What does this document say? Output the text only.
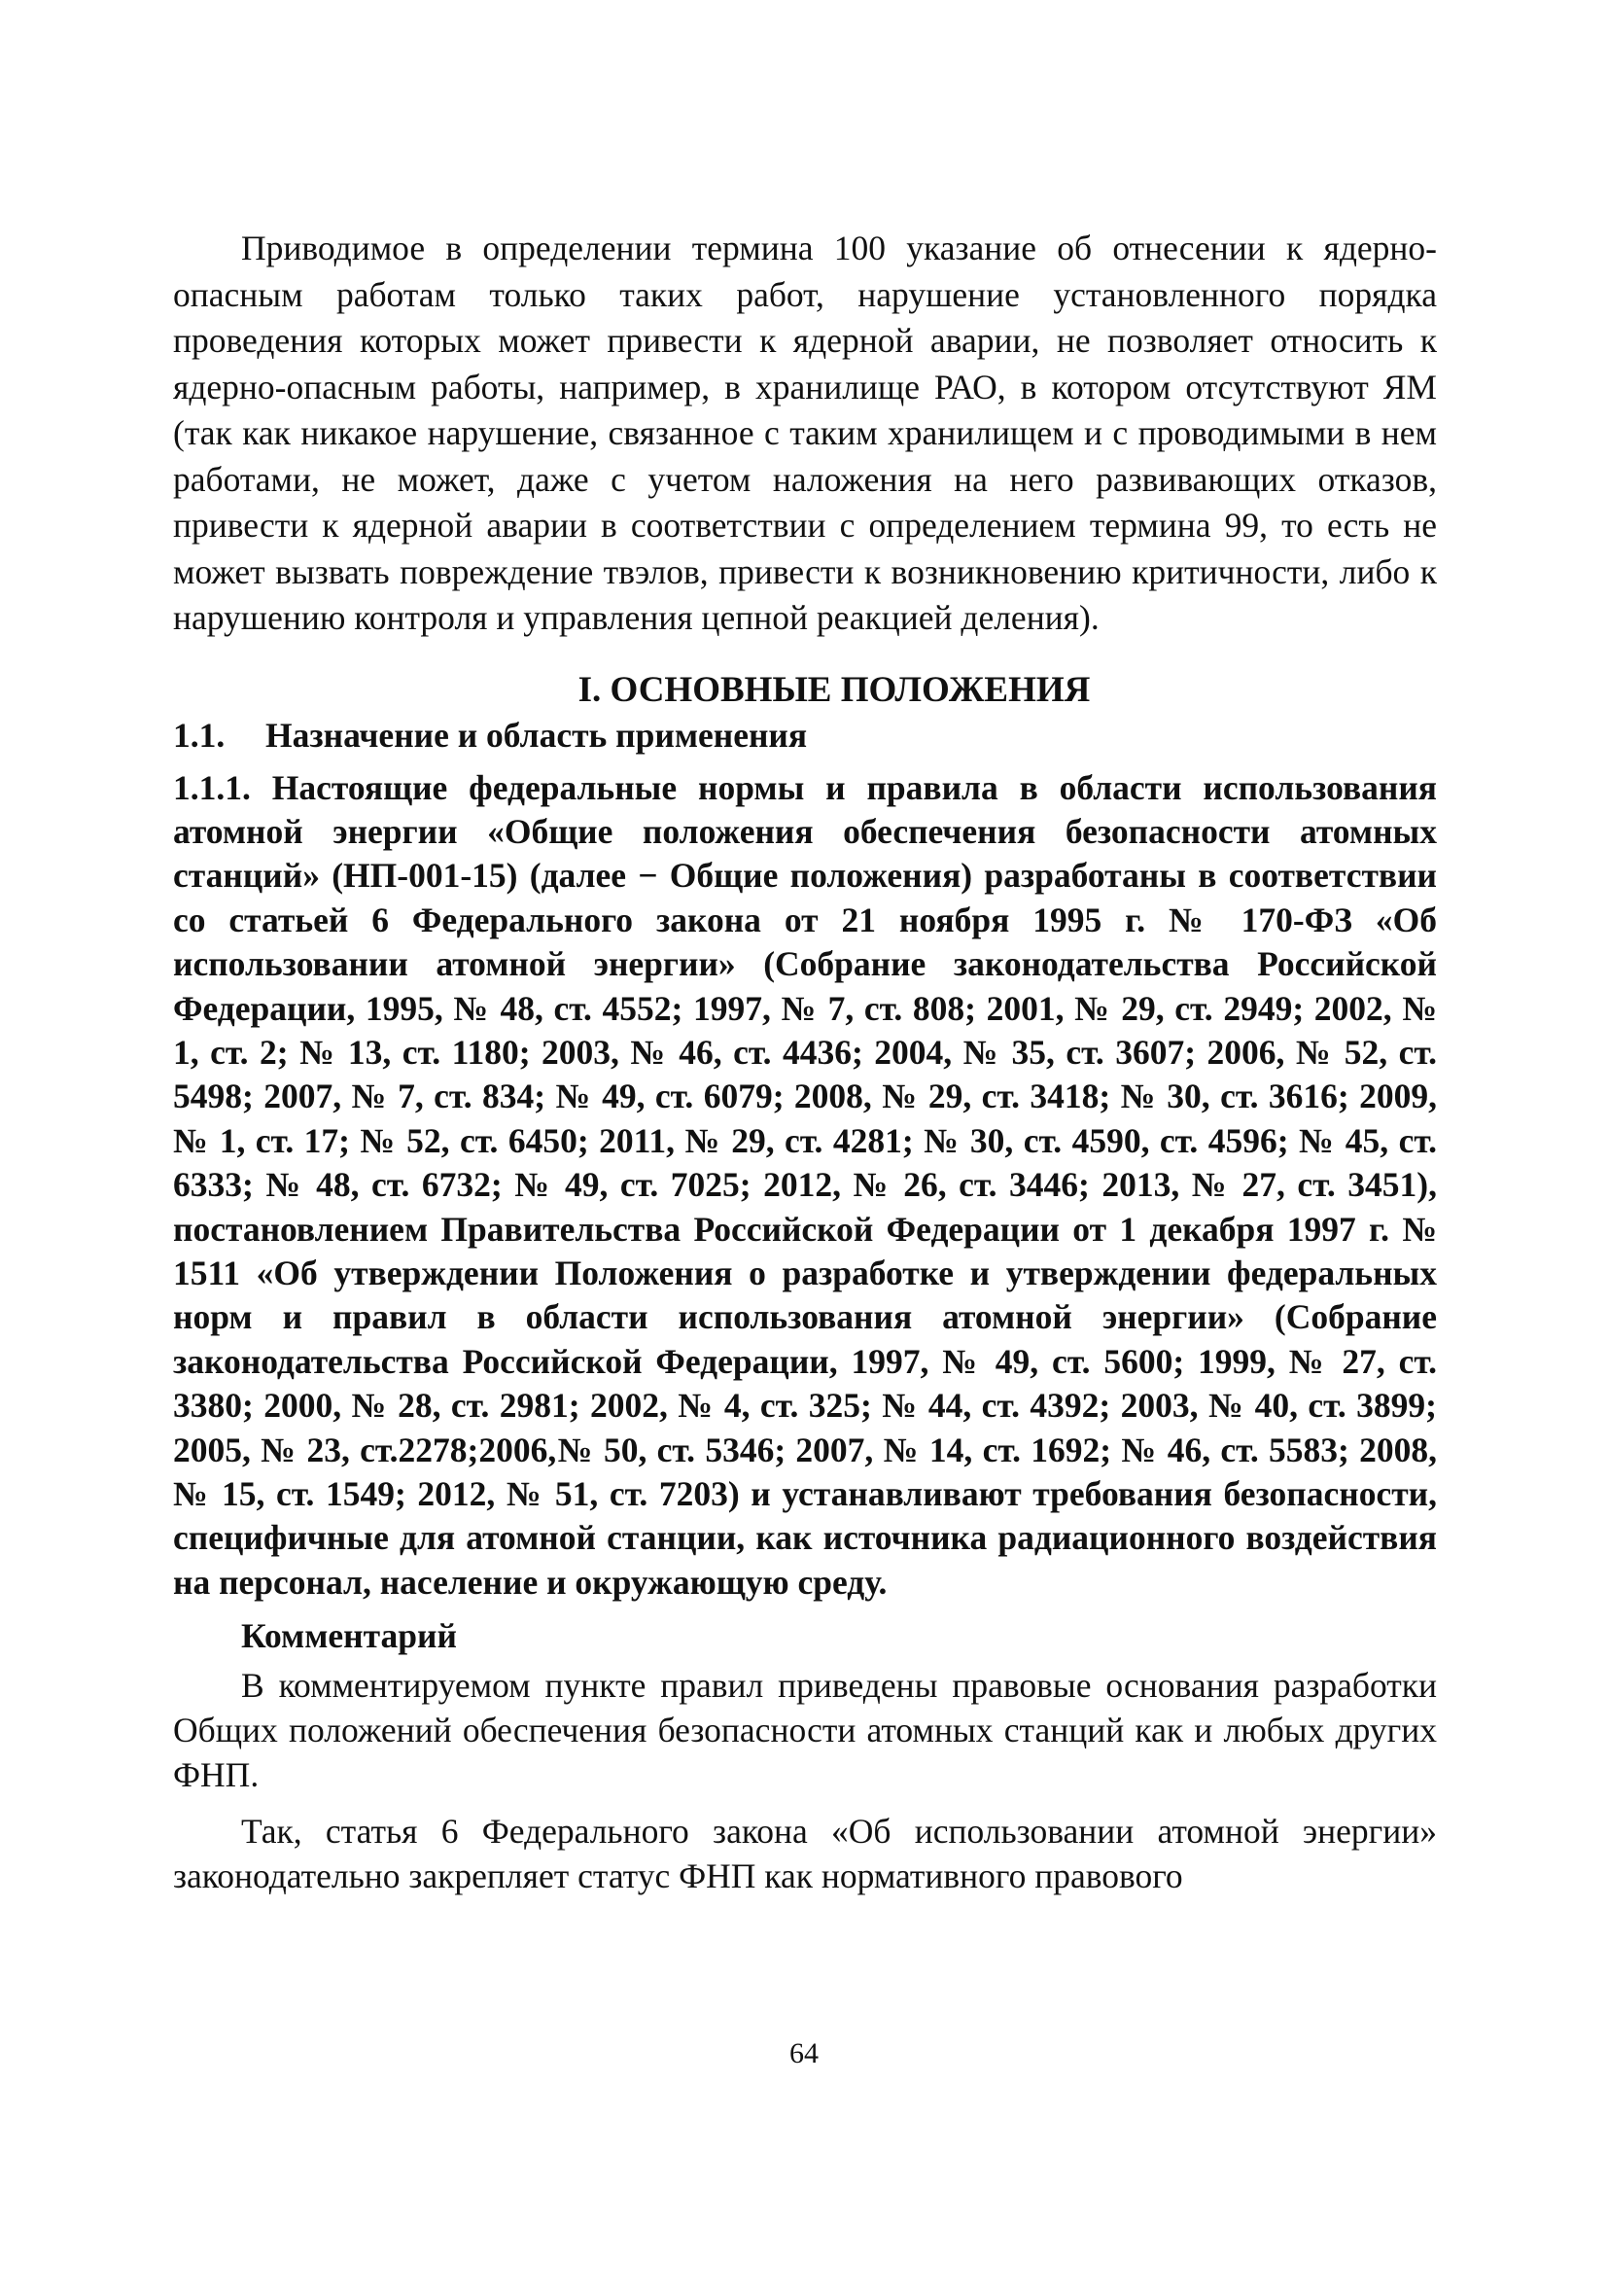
Приводимое в определении термина 100 указание об отнесении к ядерно-опасным работам только таких работ, нарушение установленного порядка проведения которых может привести к ядерной аварии, не позволяет относить к ядерно-опасным работы, например, в хранилище РАО, в котором отсутствуют ЯМ (так как никакое нарушение, связанное с таким хранилищем и с проводимыми в нем работами, не может, даже с учетом наложения на него развивающих отказов, привести к ядерной аварии в соответствии с определением термина 99, то есть не может вызвать повреждение твэлов, привести к возникновению критичности, либо к нарушению контроля и управления цепной реакцией деления).

I. ОСНОВНЫЕ ПОЛОЖЕНИЯ
1.1. Назначение и область применения

1.1.1. Настоящие федеральные нормы и правила в области использования атомной энергии «Общие положения обеспечения безопасности атомных станций» (НП-001-15) (далее − Общие положения) разработаны в соответствии со статьей 6 Федерального закона от 21 ноября 1995 г. № 170-ФЗ «Об использовании атомной энергии» (Собрание законодательства Российской Федерации, 1995, № 48, ст. 4552; 1997, № 7, ст. 808; 2001, № 29, ст. 2949; 2002, № 1, ст. 2; № 13, ст. 1180; 2003, № 46, ст. 4436; 2004, № 35, ст. 3607; 2006, № 52, ст. 5498; 2007, № 7, ст. 834; № 49, ст. 6079; 2008, № 29, ст. 3418; № 30, ст. 3616; 2009, № 1, ст. 17; № 52, ст. 6450; 2011, № 29, ст. 4281; № 30, ст. 4590, ст. 4596; № 45, ст. 6333; № 48, ст. 6732; № 49, ст. 7025; 2012, № 26, ст. 3446; 2013, № 27, ст. 3451), постановлением Правительства Российской Федерации от 1 декабря 1997 г. № 1511 «Об утверждении Положения о разработке и утверждении федеральных норм и правил в области использования атомной энергии» (Собрание законодательства Российской Федерации, 1997, № 49, ст. 5600; 1999, № 27, ст. 3380; 2000, № 28, ст. 2981; 2002, № 4, ст. 325; № 44, ст. 4392; 2003, № 40, ст. 3899; 2005, № 23, ст.2278;2006,№ 50, ст. 5346; 2007, № 14, ст. 1692; № 46, ст. 5583; 2008, № 15, ст. 1549; 2012, № 51, ст. 7203) и устанавливают требования безопасности, специфичные для атомной станции, как источника радиационного воздействия на персонал, население и окружающую среду.

Комментарий

В комментируемом пункте правил приведены правовые основания разработки Общих положений обеспечения безопасности атомных станций как и любых других ФНП.

Так, статья 6 Федерального закона «Об использовании атомной энергии» законодательно закрепляет статус ФНП как нормативного правового

64
